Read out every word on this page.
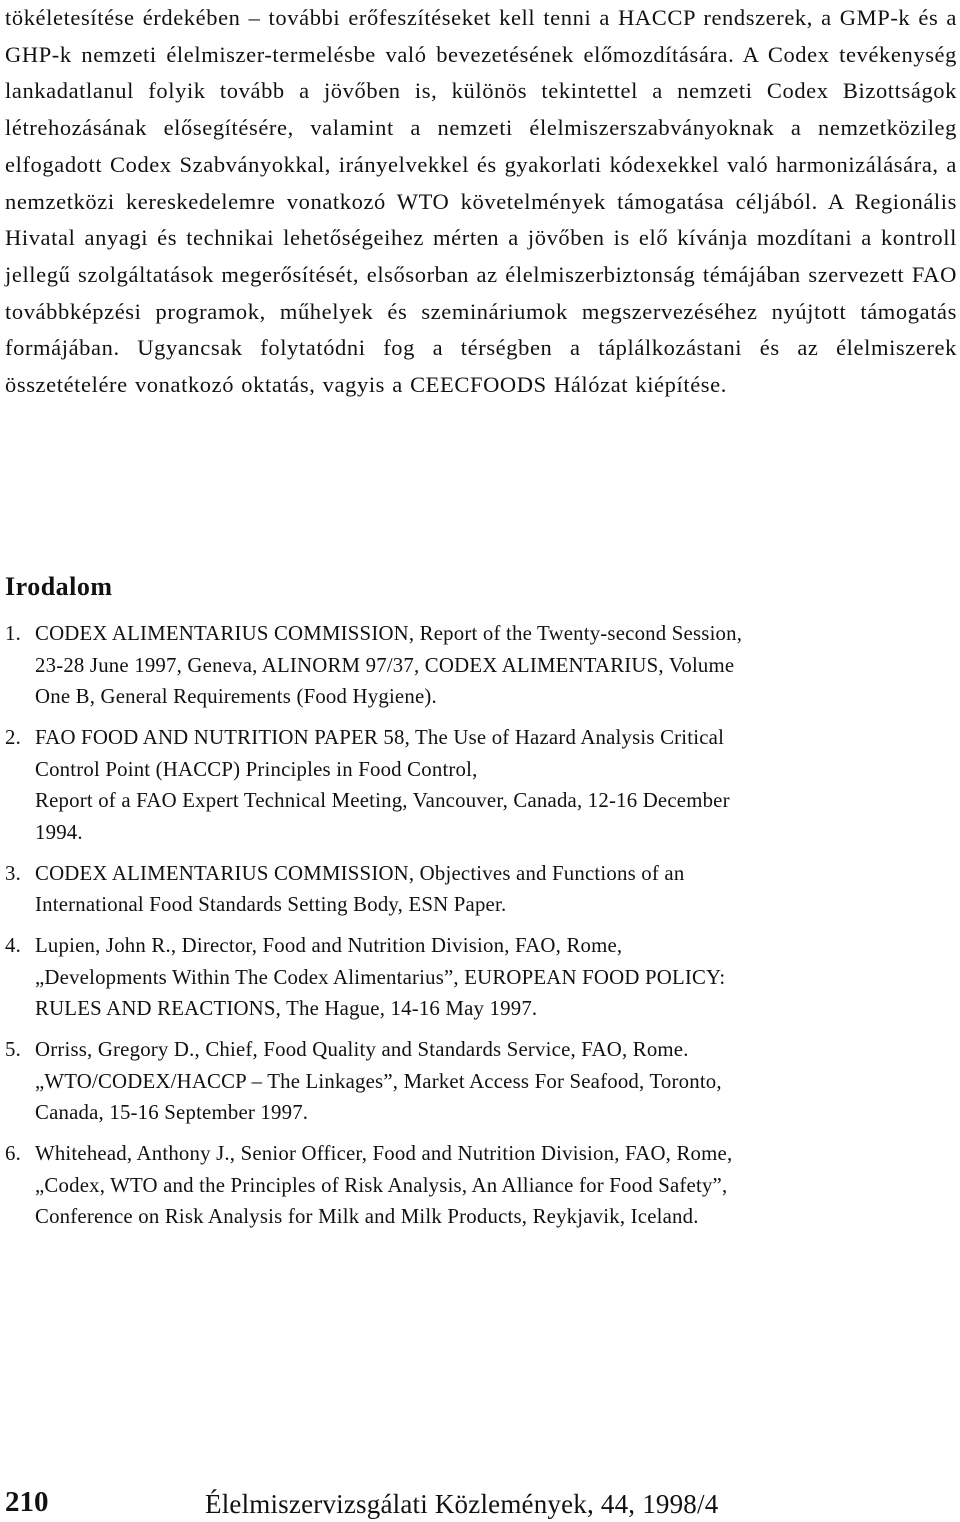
tökéletesítése érdekében – további erőfeszítéseket kell tenni a HACCP rendszerek, a GMP-k és a GHP-k nemzeti élelmiszer-termelésbe való bevezetésének előmozdítására. A Codex tevékenység lankadatlanul folyik tovább a jövőben is, különös tekintettel a nemzeti Codex Bizottságok létrehozásának elősegítésére, valamint a nemzeti élelmiszerszabványoknak a nemzetközileg elfogadott Codex Szabványokkal, irányelvekkel és gyakorlati kódexekkel való harmonizálására, a nemzetközi kereskedelemre vonatkozó WTO követelmények támogatása céljából. A Regionális Hivatal anyagi és technikai lehetőségeihez mérten a jövőben is elő kívánja mozdítani a kontroll jellegű szolgáltatások megerősítését, elsősorban az élelmiszerbiztonság témájában szervezett FAO továbbképzési programok, műhelyek és szemináriumok megszervezéséhez nyújtott támogatás formájában. Ugyancsak folytatódni fog a térségben a táplálkozástani és az élelmiszerek összetételére vonatkozó oktatás, vagyis a CEECFOODS Hálózat kiépítése.

Irodalom
1. CODEX ALIMENTARIUS COMMISSION, Report of the Twenty-second Session,
23-28 June 1997, Geneva, ALINORM 97/37, CODEX ALIMENTARIUS, Volume
One B, General Requirements (Food Hygiene).
2. FAO FOOD AND NUTRITION PAPER 58, The Use of Hazard Analysis Critical
Control Point (HACCP) Principles in Food Control,
Report of a FAO Expert Technical Meeting, Vancouver, Canada, 12-16 December
1994.
3. CODEX ALIMENTARIUS COMMISSION, Objectives and Functions of an
International Food Standards Setting Body, ESN Paper.
4. Lupien, John R., Director, Food and Nutrition Division, FAO, Rome,
„Developments Within The Codex Alimentarius”, EUROPEAN FOOD POLICY:
RULES AND REACTIONS, The Hague, 14-16 May 1997.
5. Orriss, Gregory D., Chief, Food Quality and Standards Service, FAO, Rome.
„WTO/CODEX/HACCP – The Linkages”, Market Access For Seafood, Toronto,
Canada, 15-16 September 1997.
6. Whitehead, Anthony J., Senior Officer, Food and Nutrition Division, FAO, Rome,
„Codex, WTO and the Principles of Risk Analysis, An Alliance for Food Safety”,
Conference on Risk Analysis for Milk and Milk Products, Reykjavik, Iceland.
210	Élelmiszervizsgálati Közlemények, 44, 1998/4
